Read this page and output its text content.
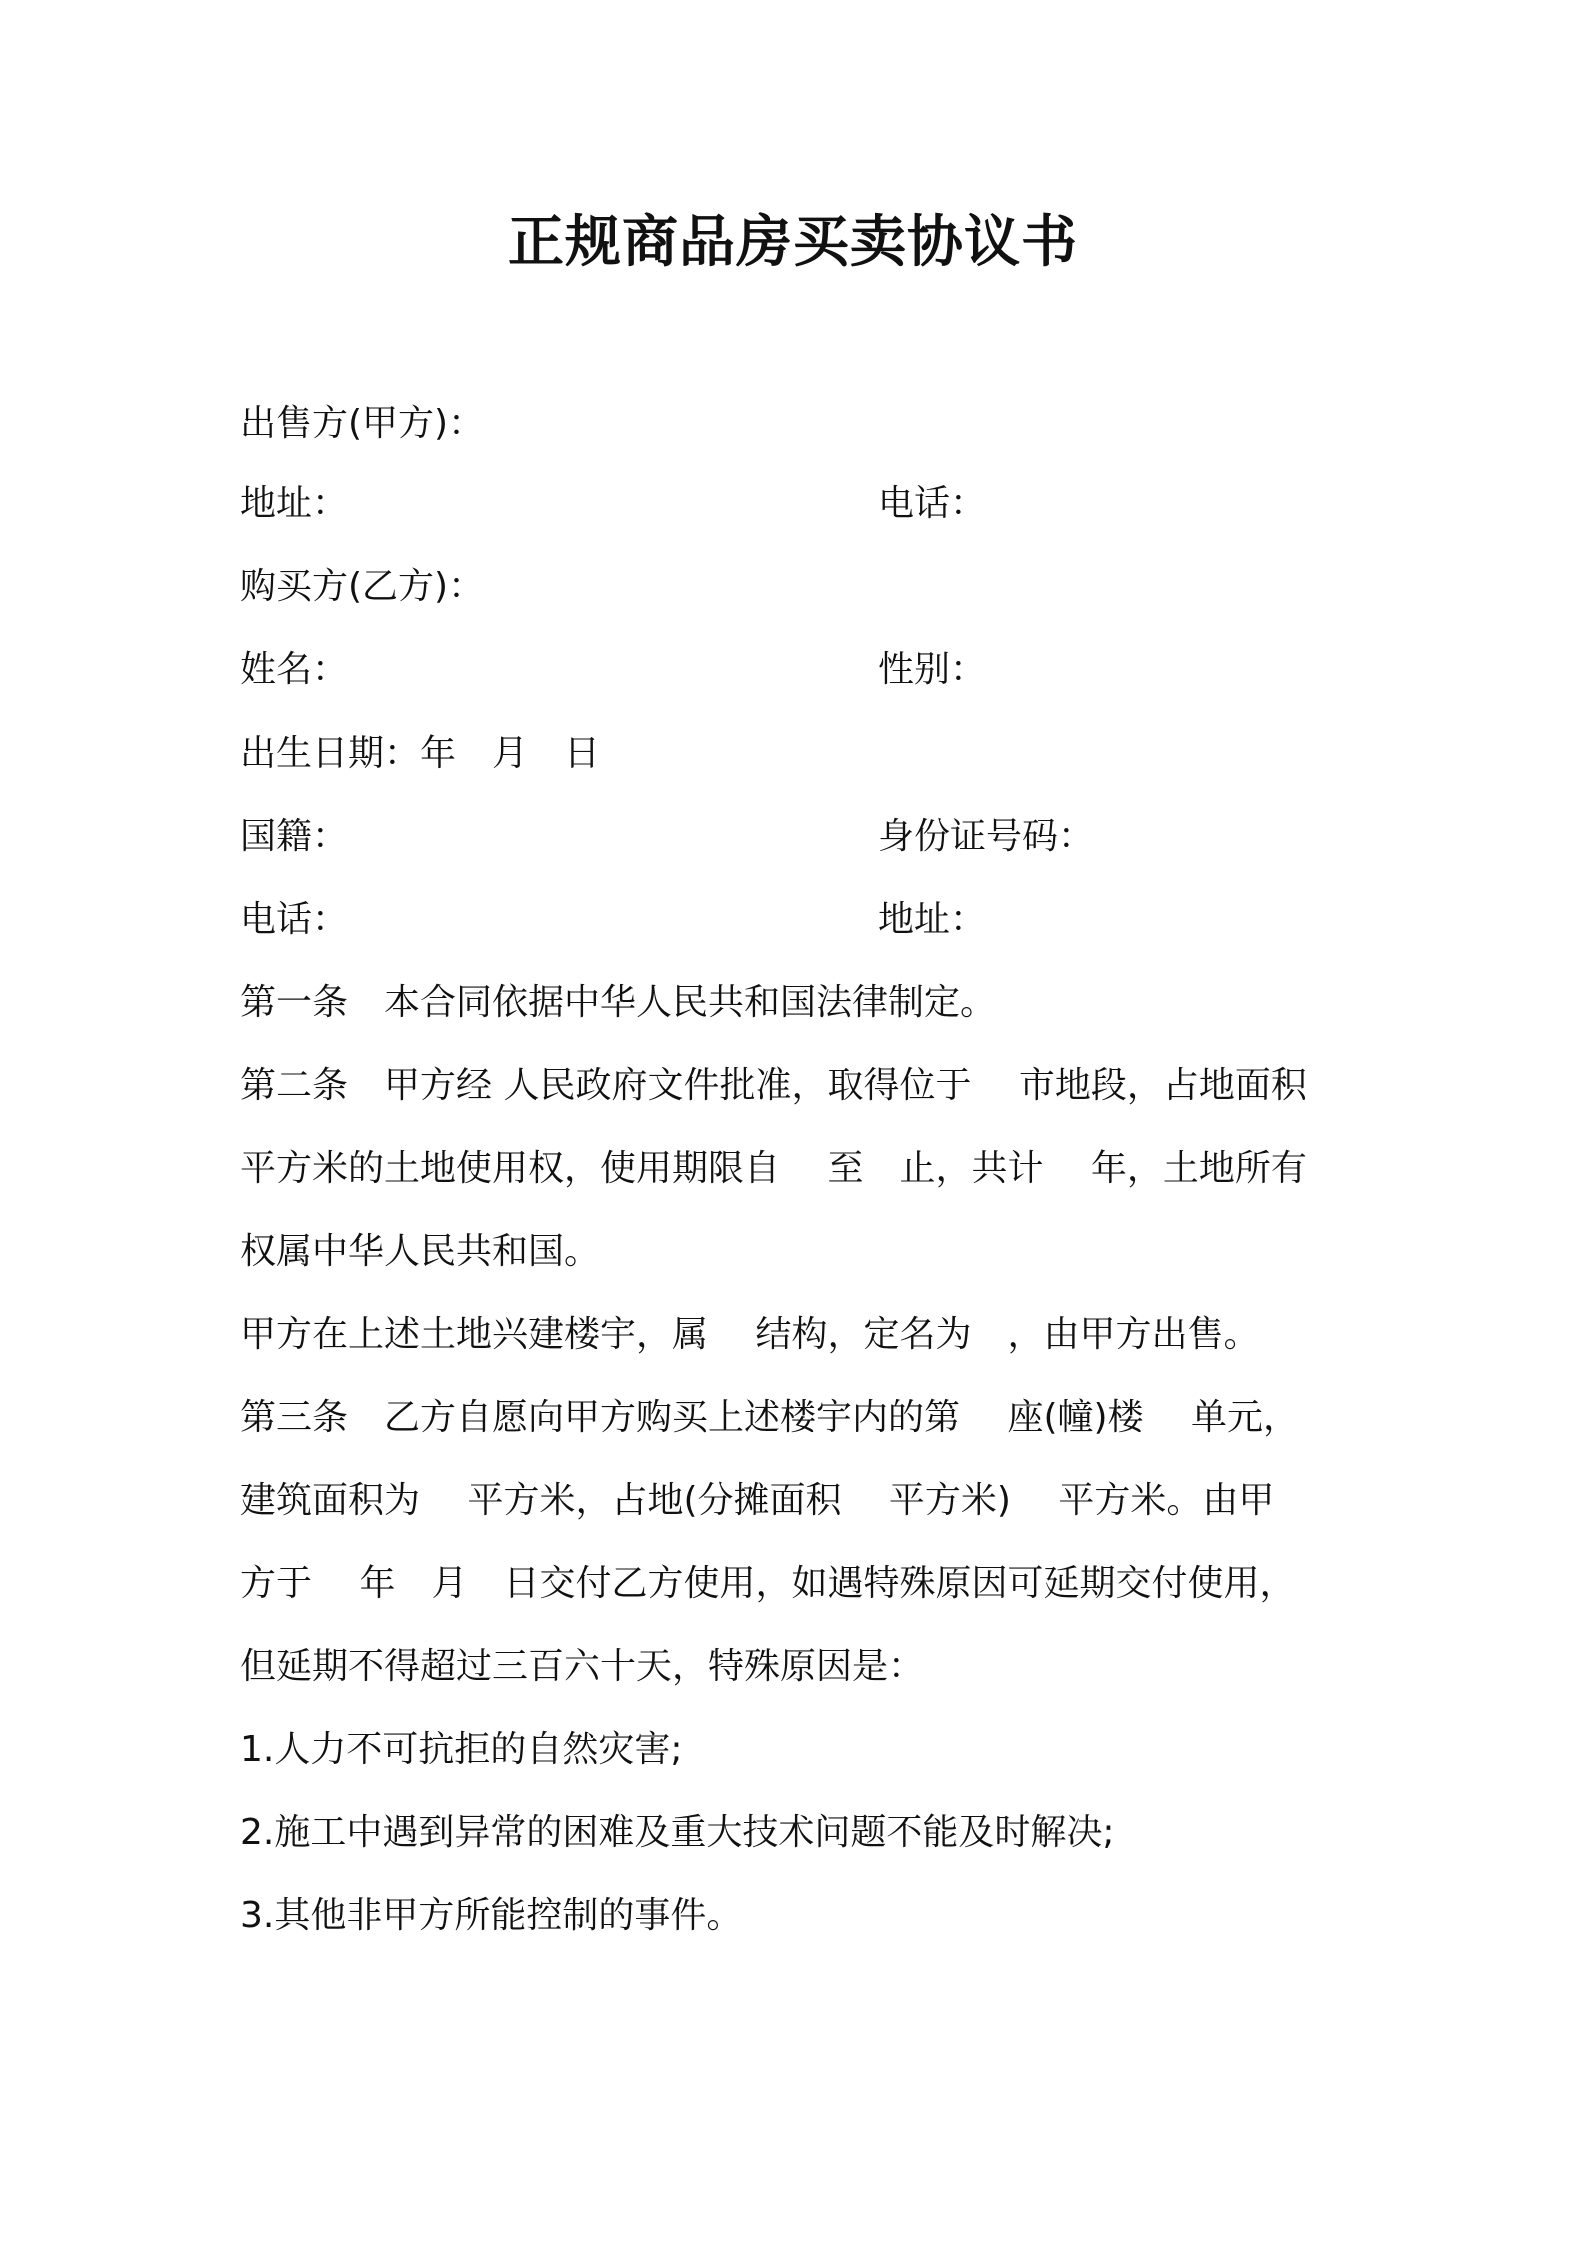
正规商品房买卖协议书
出售方(甲方)：
地址：	电话：
购买方(乙方)：
姓名：	性别：
出生日期：年　月　日
国籍：	身份证号码：
电话：	地址：
第一条　本合同依据中华人民共和国法律制定。
第二条　甲方经 人民政府文件批准，取得位于　 市地段，占地面积
平方米的土地使用权，使用期限自　 至　止，共计　 年，土地所有
权属中华人民共和国。
甲方在上述土地兴建楼宇，属　 结构，定名为　，由甲方出售。
第三条　乙方自愿向甲方购买上述楼宇内的第　 座(幢)楼　 单元，
建筑面积为　 平方米，占地(分摊面积　 平方米)　 平方米。由甲
方于　 年　月　日交付乙方使用，如遇特殊原因可延期交付使用，
但延期不得超过三百六十天，特殊原因是：
1.人力不可抗拒的自然灾害;
2.施工中遇到异常的困难及重大技术问题不能及时解决;
3.其他非甲方所能控制的事件。
